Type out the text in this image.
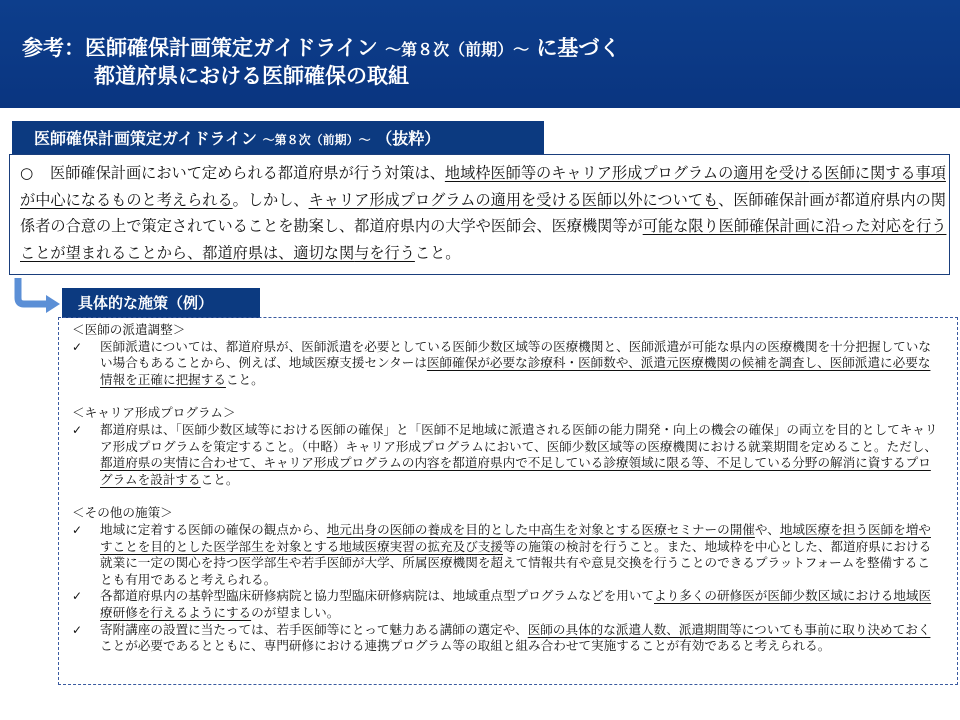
参考：医師確保計画策定ガイドライン ～第８次（前期）～ に基づく
都道府県における医師確保の取組
医師確保計画策定ガイドライン ～第８次（前期）～ （抜粋）
○ 医師確保計画において定められる都道府県が行う対策は、地域枠医師等のキャリア形成プログラムの適用を受ける医師に関する事項が中心になるものと考えられる。しかし、キャリア形成プログラムの適用を受ける医師以外についても、医師確保計画が都道府県内の関係者の合意の上で策定されていることを勘案し、都道府県内の大学や医師会、医療機関等が可能な限り医師確保計画に沿った対応を行うことが望まれることから、都道府県は、適切な関与を行うこと。
具体的な施策（例）
＜医師の派遣調整＞
✓ 医師派遣については、都道府県が、医師派遣を必要としている医師少数区域等の医療機関と、医師派遣が可能な県内の医療機関を十分把握していない場合もあることから、例えば、地域医療支援センターは医師確保が必要な診療科・医師数や、派遣元医療機関の候補を調査し、医師派遣に必要な情報を正確に把握すること。
＜キャリア形成プログラム＞
✓ 都道府県は、「医師少数区域等における医師の確保」と「医師不足地域に派遣される医師の能力開発・向上の機会の確保」の両立を目的としてキャリア形成プログラムを策定すること。（中略）キャリア形成プログラムにおいて、医師少数区域等の医療機関における就業期間を定めること。ただし、都道府県の実情に合わせて、キャリア形成プログラムの内容を都道府県内で不足している診療領域に限る等、不足している分野の解消に資するプログラムを設計すること。
＜その他の施策＞
✓ 地域に定着する医師の確保の観点から、地元出身の医師の養成を目的とした中高生を対象とする医療セミナーの開催や、地域医療を担う医師を増やすことを目的とした医学部生を対象とする地域医療実習の拡充及び支援等の施策の検討を行うこと。また、地域枠を中心とした、都道府県における就業に一定の関心を持つ医学部生や若手医師が大学、所属医療機関を超えて情報共有や意見交換を行うことのできるプラットフォームを整備することも有用であると考えられる。
✓ 各都道府県内の基幹型臨床研修病院と協力型臨床研修病院は、地域重点型プログラムなどを用いてより多くの研修医が医師少数区域における地域医療研修を行えるようにするのが望ましい。
✓ 寄附講座の設置に当たっては、若手医師等にとって魅力ある講師の選定や、医師の具体的な派遣人数、派遣期間等についても事前に取り決めておくことが必要であるとともに、専門研修における連携プログラム等の取組と組み合わせて実施することが有効であると考えられる。
